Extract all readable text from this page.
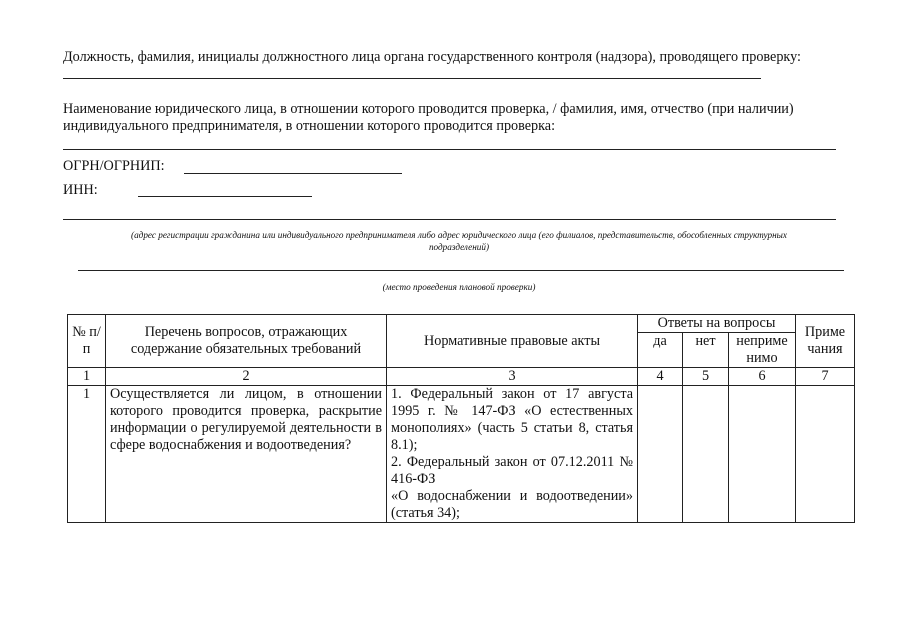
Должность, фамилия, инициалы должностного лица органа государственного контроля (надзора), проводящего проверку:
Наименование юридического лица, в отношении которого проводится проверка, / фамилия, имя, отчество (при наличии)
индивидуального предпринимателя, в отношении которого проводится проверка:
ОГРН/ОГРНИП:
ИНН:
(адрес регистрации гражданина или индивидуального предпринимателя либо адрес юридического лица (его филиалов, представительств, обособленных структурных
подразделений)
(место проведения плановой проверки)
№ п/п	Перечень вопросов, отражающих содержание обязательных требований	Нормативные правовые акты	Ответы на вопросы			Приме чания
			да	нет	неприме нимо	
1	2	3	4	5	6	7
1	Осуществляется ли лицом, в отношении которого проводится проверка, раскрытие информации о регулируемой деятельности в сфере водоснабжения и водоотведения?	1. Федеральный закон от 17 августа 1995 г. № 147-ФЗ «О естественных монополиях» (часть 5 статьи 8, статья 8.1);
2. Федеральный закон от 07.12.2011 № 416-ФЗ
«О водоснабжении и водоотведении» (статья 34);				
